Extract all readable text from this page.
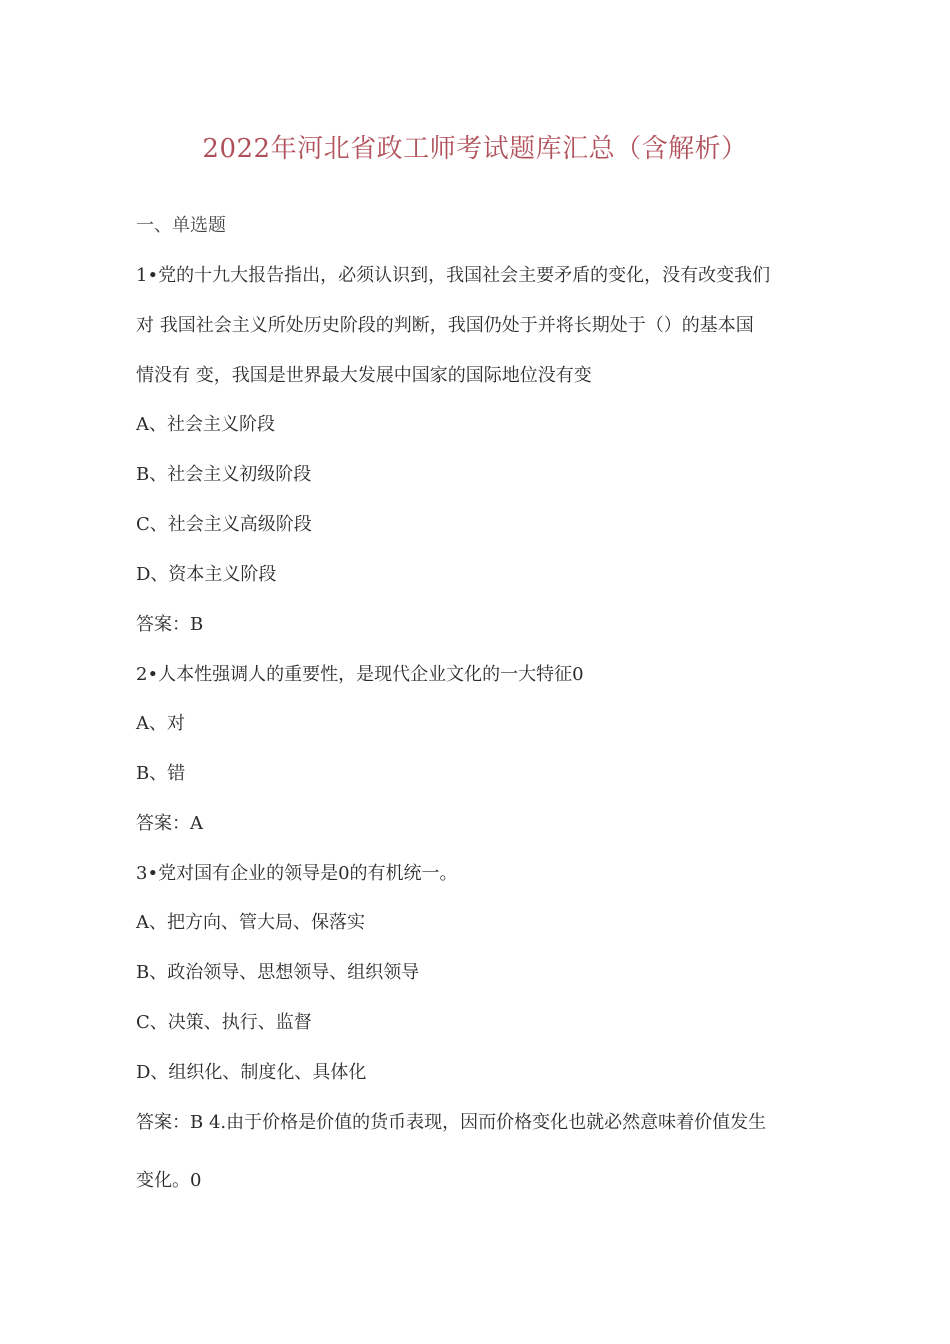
2022年河北省政工师考试题库汇总（含解析）
一、单选题
1•党的十九大报告指出，必须认识到，我国社会主要矛盾的变化，没有改变我们
对 我国社会主义所处历史阶段的判断，我国仍处于并将长期处于（）的基本国
情没有 变，我国是世界最大发展中国家的国际地位没有变
A、社会主义阶段
B、社会主义初级阶段
C、社会主义高级阶段
D、资本主义阶段
答案：B
2•人本性强调人的重要性，是现代企业文化的一大特征0
A、对
B、错
答案：A
3•党对国有企业的领导是0的有机统一。
A、把方向、管大局、保落实
B、政治领导、思想领导、组织领导
C、决策、执行、监督
D、组织化、制度化、具体化
答案：B 4.由于价格是价值的货币表现，因而价格变化也就必然意味着价值发生
变化。0
